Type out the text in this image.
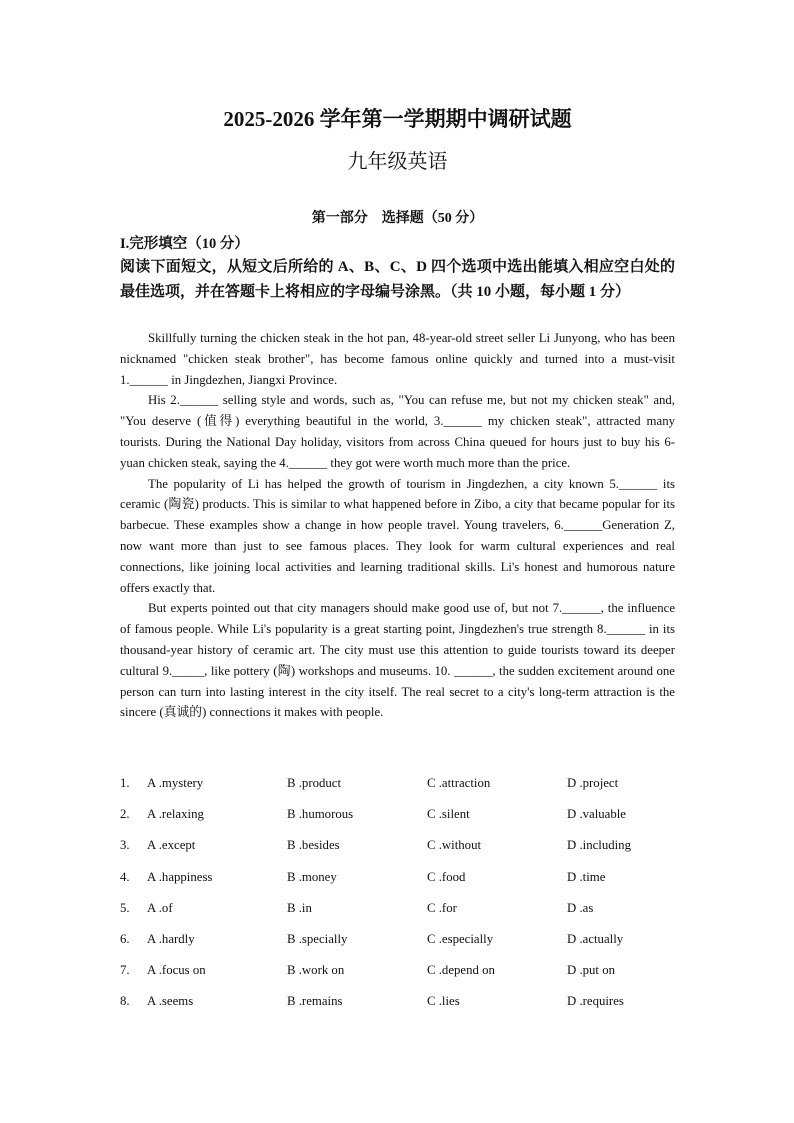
2025-2026 学年第一学期期中调研试题
九年级英语
第一部分　选择题（50 分）
I.完形填空（10 分）
阅读下面短文，从短文后所给的 A、B、C、D 四个选项中选出能填入相应空白处的最佳选项，并在答题卡上将相应的字母编号涂黑。（共 10 小题，每小题 1 分）

Skillfully turning the chicken steak in the hot pan, 48-year-old street seller Li Junyong, who has been nicknamed "chicken steak brother", has become famous online quickly and turned into a must-visit 1.______ in Jingdezhen, Jiangxi Province.

His 2.______ selling style and words, such as, "You can refuse me, but not my chicken steak" and, "You deserve (值得) everything beautiful in the world, 3.______ my chicken steak", attracted many tourists. During the National Day holiday, visitors from across China queued for hours just to buy his 6-yuan chicken steak, saying the 4.______ they got were worth much more than the price.

The popularity of Li has helped the growth of tourism in Jingdezhen, a city known 5.______ its ceramic (陶瓷) products. This is similar to what happened before in Zibo, a city that became popular for its barbecue. These examples show a change in how people travel. Young travelers, 6.______Generation Z, now want more than just to see famous places. They look for warm cultural experiences and real connections, like joining local activities and learning traditional skills. Li's honest and humorous nature offers exactly that.

But experts pointed out that city managers should make good use of, but not 7.______, the influence of famous people. While Li's popularity is a great starting point, Jingdezhen's true strength 8.______ in its thousand-year history of ceramic art. The city must use this attention to guide tourists toward its deeper cultural 9._____, like pottery (陶) workshops and museums. 10. ______, the sudden excitement around one person can turn into lasting interest in the city itself. The real secret to a city's long-term attraction is the sincere (真诚的) connections it makes with people.

1.	A .mystery	B .product	C .attraction	D .project
2.	A .relaxing	B .humorous	C .silent	D .valuable
3.	A .except	B .besides	C .without	D .including
4.	A .happiness	B .money	C .food	D .time
5.	A .of	B .in	C .for	D .as
6.	A .hardly	B .specially	C .especially	D .actually
7.	A .focus on	B .work on	C .depend on	D .put on
8.	A .seems	B .remains	C .lies	D .requires
